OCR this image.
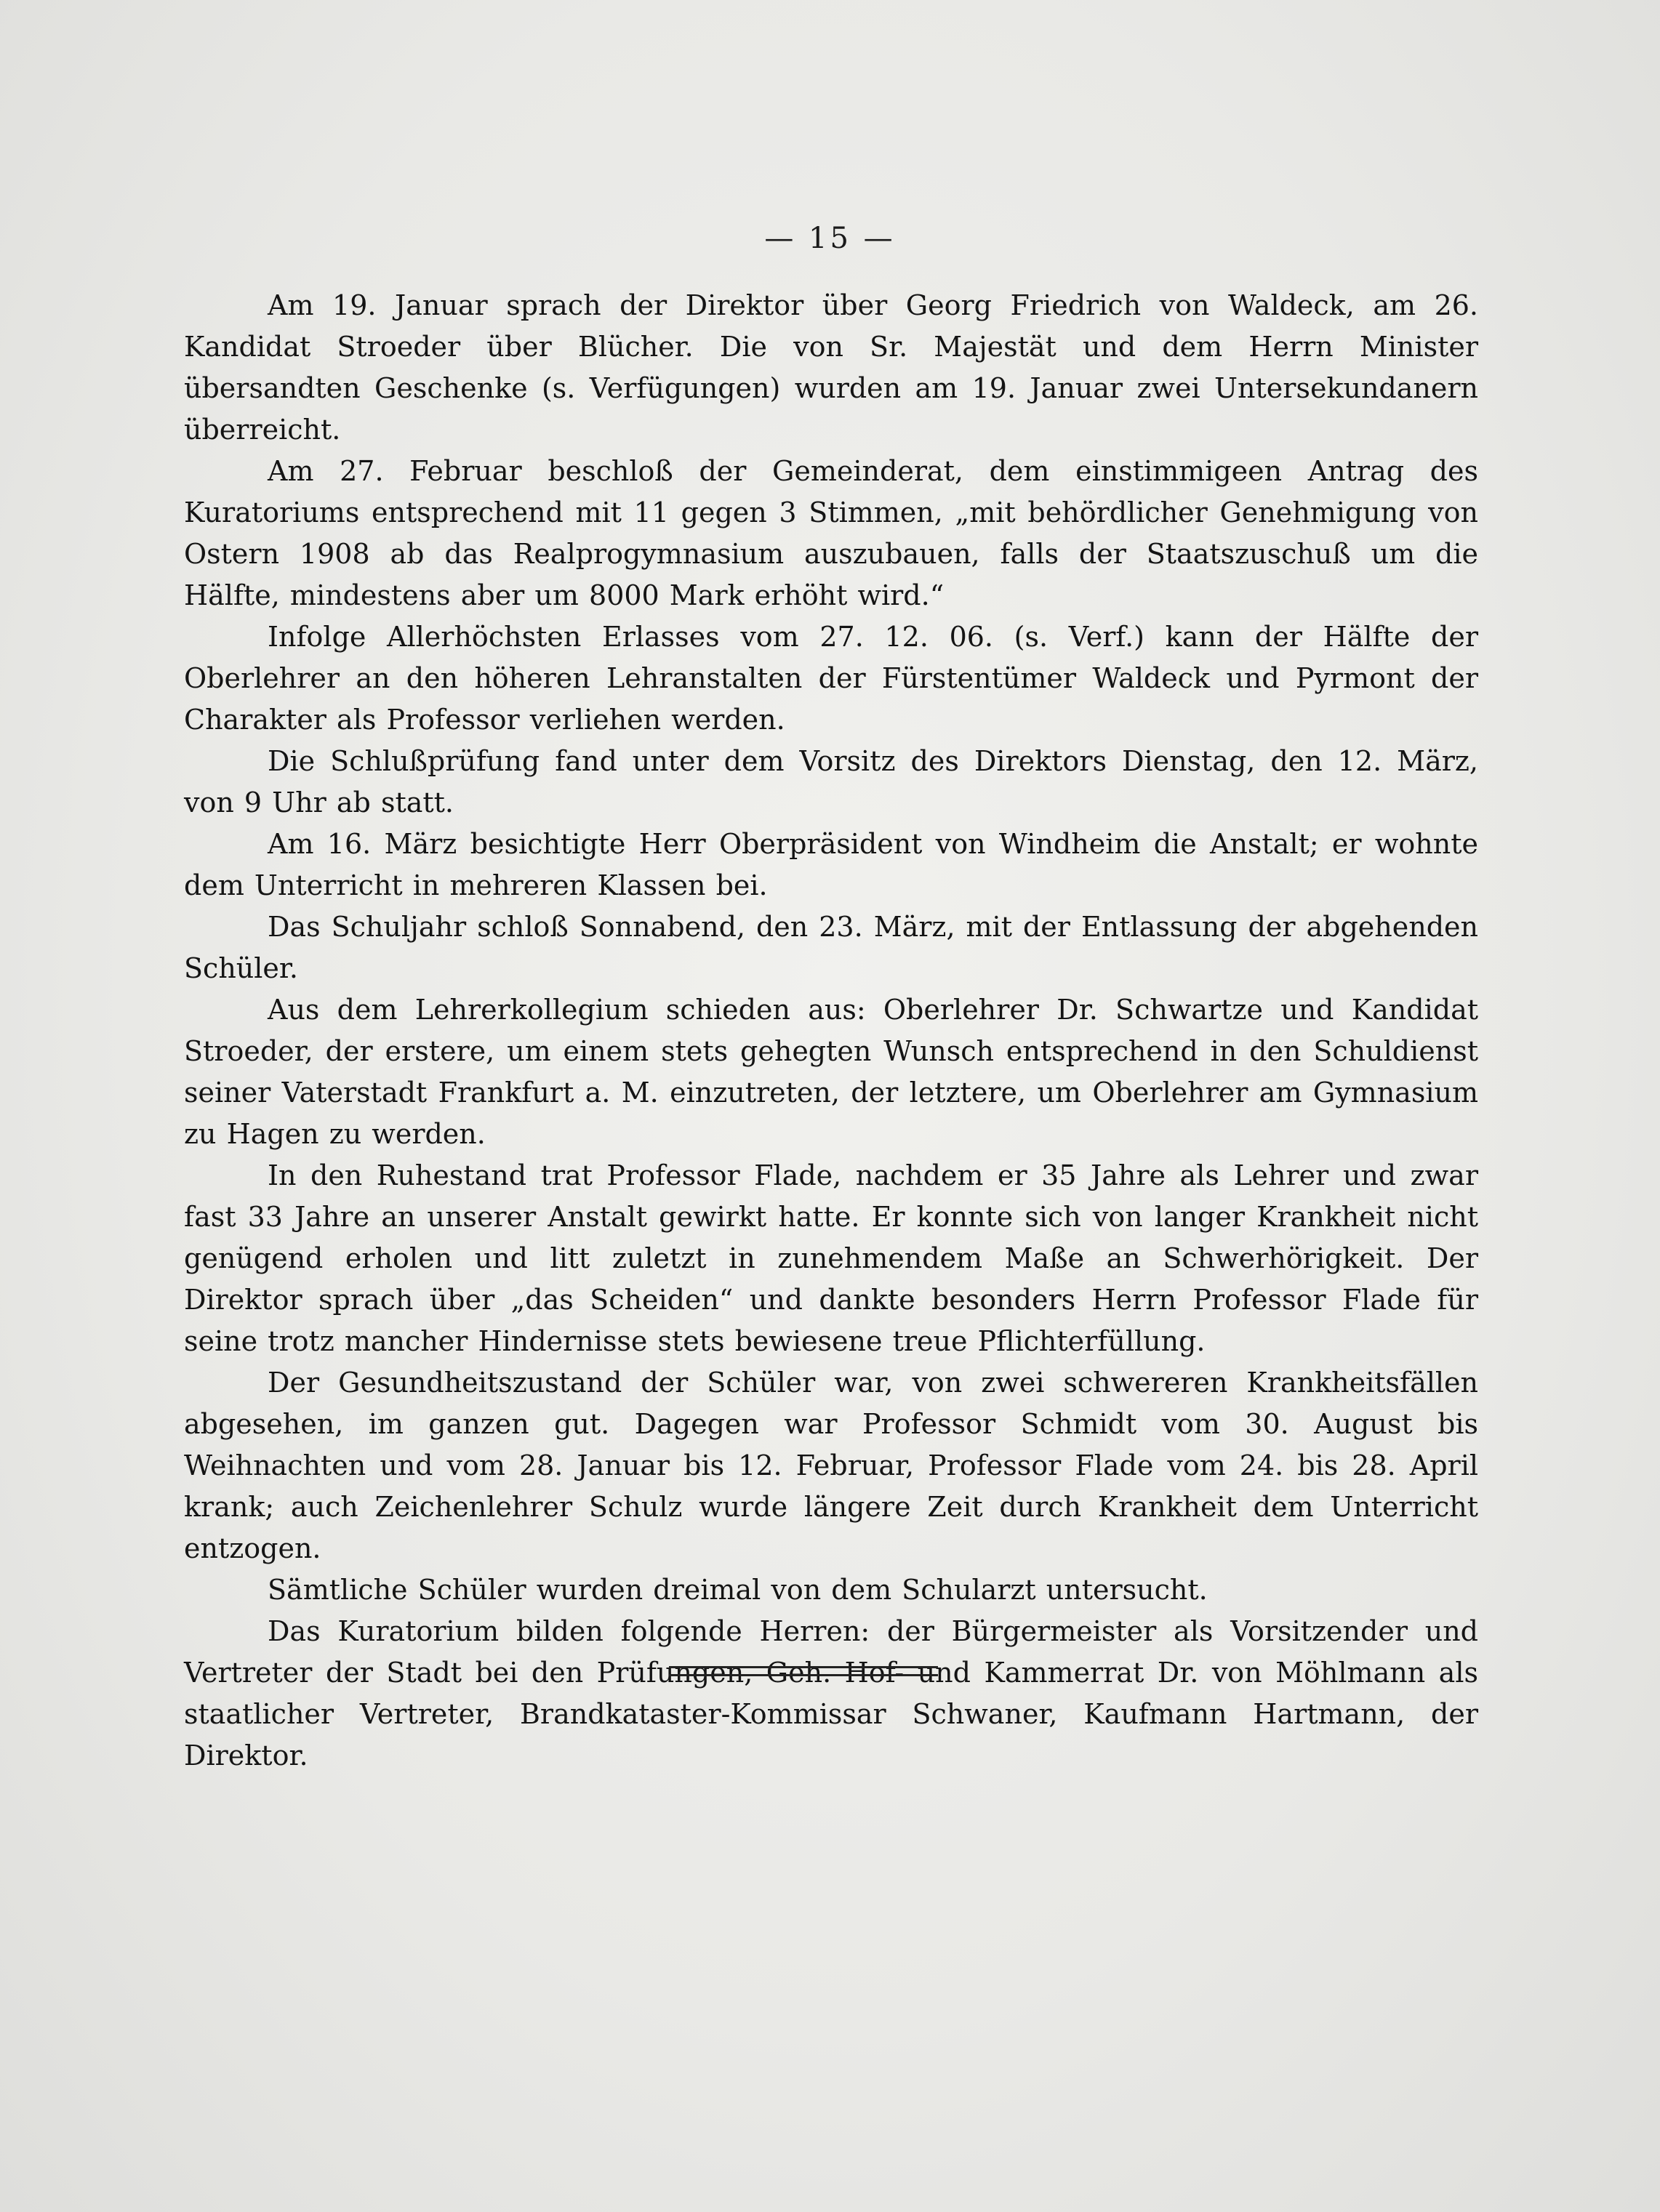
— 15 —

Am 19. Januar sprach der Direktor über Georg Friedrich von Waldeck, am 26. Kandidat Stroeder über Blücher. Die von Sr. Majestät und dem Herrn Minister übersandten Geschenke (s. Verfügungen) wurden am 19. Januar zwei Untersekundanern überreicht.

Am 27. Februar beschloß der Gemeinderat, dem einstimmigeen Antrag des Kuratoriums entsprechend mit 11 gegen 3 Stimmen, „mit behördlicher Genehmigung von Ostern 1908 ab das Realprogymnasium auszubauen, falls der Staatszuschuß um die Hälfte, mindestens aber um 8000 Mark erhöht wird.“

Infolge Allerhöchsten Erlasses vom 27. 12. 06. (s. Verf.) kann der Hälfte der Oberlehrer an den höheren Lehranstalten der Fürstentümer Waldeck und Pyrmont der Charakter als Professor verliehen werden.

Die Schlußprüfung fand unter dem Vorsitz des Direktors Dienstag, den 12. März, von 9 Uhr ab statt.

Am 16. März besichtigte Herr Oberpräsident von Windheim die Anstalt; er wohnte dem Unterricht in mehreren Klassen bei.

Das Schuljahr schloß Sonnabend, den 23. März, mit der Entlassung der abgehenden Schüler.

Aus dem Lehrerkollegium schieden aus: Oberlehrer Dr. Schwartze und Kandidat Stroeder, der erstere, um einem stets gehegten Wunsch entsprechend in den Schuldienst seiner Vaterstadt Frankfurt a. M. einzutreten, der letztere, um Oberlehrer am Gymnasium zu Hagen zu werden.

In den Ruhestand trat Professor Flade, nachdem er 35 Jahre als Lehrer und zwar fast 33 Jahre an unserer Anstalt gewirkt hatte. Er konnte sich von langer Krankheit nicht genügend erholen und litt zuletzt in zunehmendem Maße an Schwerhörigkeit. Der Direktor sprach über „das Scheiden“ und dankte besonders Herrn Professor Flade für seine trotz mancher Hindernisse stets bewiesene treue Pflichterfüllung.

Der Gesundheitszustand der Schüler war, von zwei schwereren Krankheitsfällen abgesehen, im ganzen gut. Dagegen war Professor Schmidt vom 30. August bis Weihnachten und vom 28. Januar bis 12. Februar, Professor Flade vom 24. bis 28. April krank; auch Zeichenlehrer Schulz wurde längere Zeit durch Krankheit dem Unterricht entzogen.

Sämtliche Schüler wurden dreimal von dem Schularzt untersucht.

Das Kuratorium bilden folgende Herren: der Bürgermeister als Vorsitzender und Vertreter der Stadt bei den Prüfungen, Geh. Hof- und Kammerrat Dr. von Möhlmann als staatlicher Vertreter, Brandkataster-Kommissar Schwaner, Kaufmann Hartmann, der Direktor.
